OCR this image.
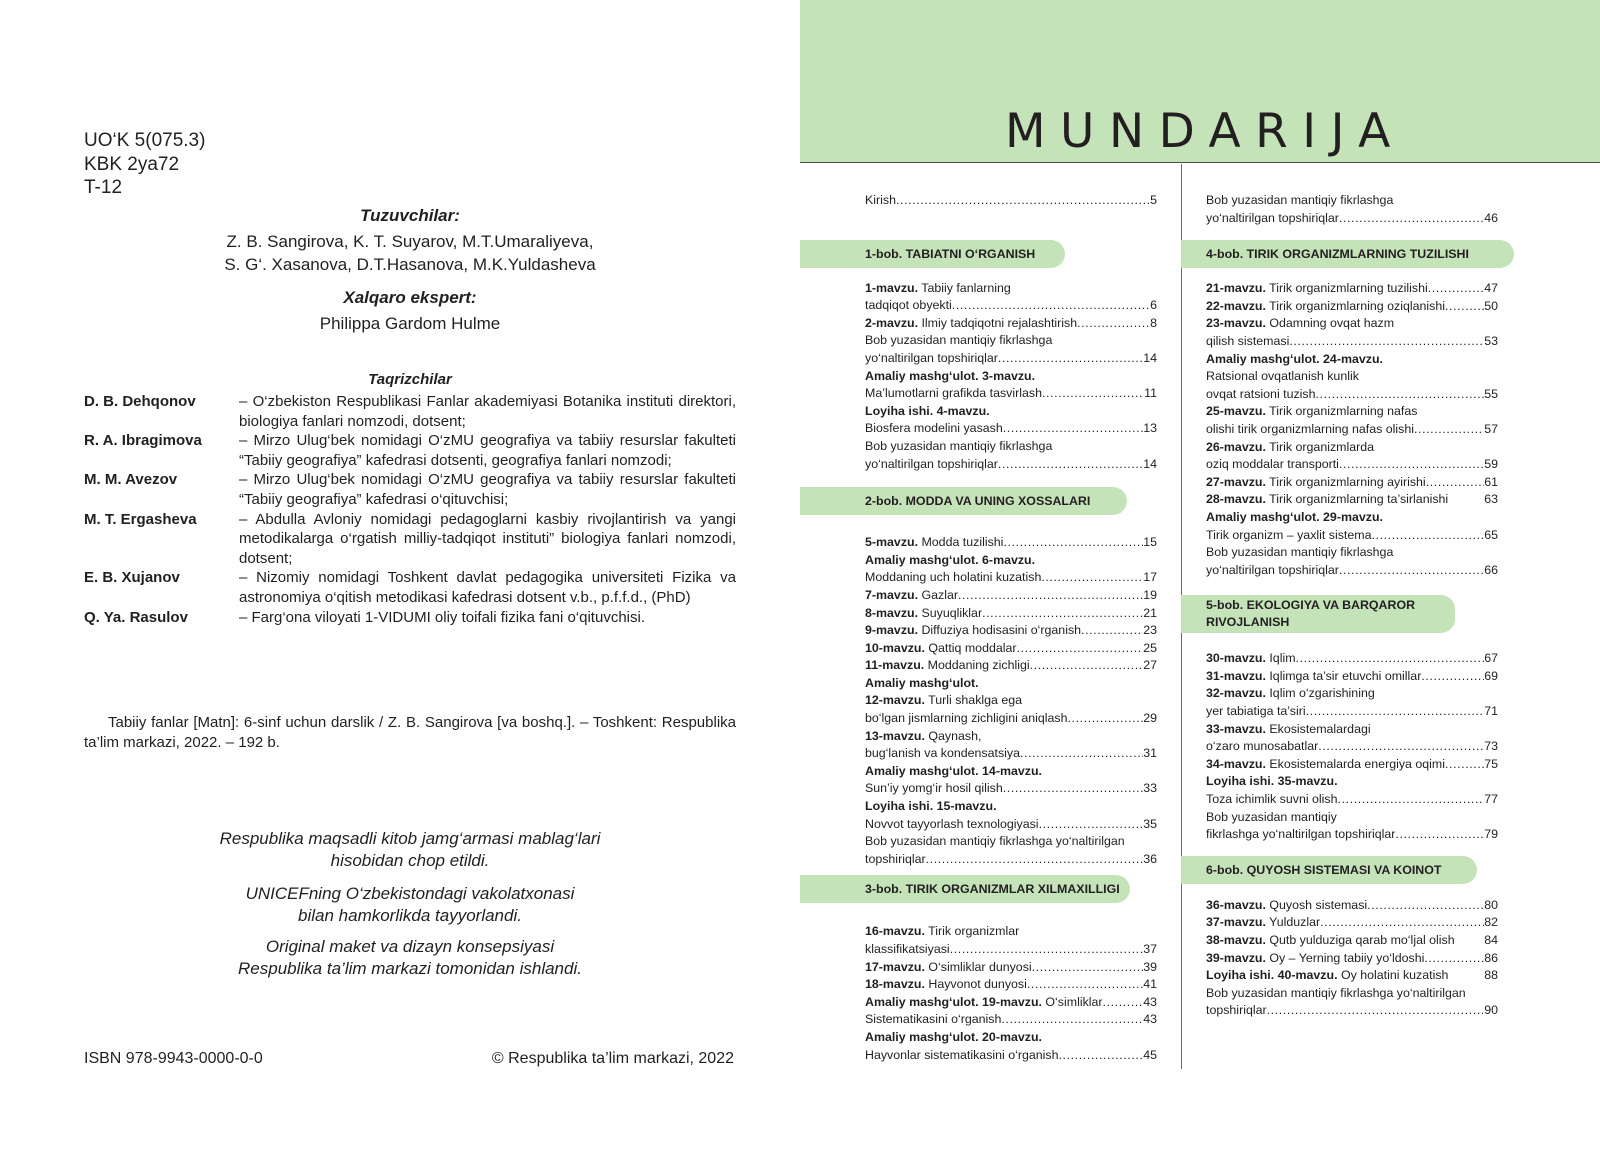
UO‘K 5(075.3)
KBK 2ya72
T-12
Tuzuvchilar:
Z. B. Sangirova, K. T. Suyarov, M.T.Umaraliyeva,
S. G‘. Xasanova, D.T.Hasanova, M.K.Yuldasheva
Xalqaro ekspert:
Philippa Gardom Hulme
Taqrizchilar
D. B. Dehqonov	– O‘zbekiston Respublikasi Fanlar akademiyasi Botanika instituti direktori, biologiya fanlari nomzodi, dotsent;
R. A. Ibragimova	– Mirzo Ulug‘bek nomidagi O‘zMU geografiya va tabiiy resurslar fakulteti “Tabiiy geografiya” kafedrasi dotsenti, geografiya fanlari nomzodi;
M. M. Avezov	– Mirzo Ulug‘bek nomidagi O‘zMU geografiya va tabiiy resurslar fakulteti “Tabiiy geografiya” kafedrasi o‘qituvchisi;
M. T. Ergasheva	– Abdulla Avloniy nomidagi pedagoglarni kasbiy rivojlantirish va yangi metodikalarga o‘rgatish milliy-tadqiqot instituti” biologiya fanlari nomzodi, dotsent;
E. B. Xujanov	– Nizomiy nomidagi Toshkent davlat pedagogika universiteti Fizika va astronomiya o‘qitish metodikasi kafedrasi dotsent v.b., p.f.f.d., (PhD)
Q. Ya. Rasulov	– Farg‘ona viloyati 1-VIDUMI oliy toifali fizika fani o‘qituvchisi.
Tabiiy fanlar [Matn]: 6-sinf uchun darslik / Z. B. Sangirova [va boshq.]. – Toshkent: Respublika ta’lim markazi, 2022. – 192 b.
Respublika maqsadli kitob jamg‘armasi mablag‘lari
hisobidan chop etildi.
UNICEFning O‘zbekistondagi vakolatxonasi
bilan hamkorlikda tayyorlandi.
Original maket va dizayn konsepsiyasi
Respublika ta’lim markazi tomonidan ishlandi.
ISBN 978-9943-0000-0-0	© Respublika ta’lim markazi, 2022
MUNDARIJA
1-bob. TABIATNI O‘RGANISH
2-bob. MODDA VA UNING XOSSALARI
3-bob. TIRIK ORGANIZMLAR XILMAXILLIGI
4-bob. TIRIK ORGANIZMLARNING TUZILISHI
5-bob. EKOLOGIYA VA BARQAROR
RIVOJLANISH
6-bob. QUYOSH SISTEMASI VA KOINOT
Kirish .....	5
1-mavzu. Tabiiy fanlarning
tadqiqot obyekti .....	6
2-mavzu. Ilmiy tadqiqotni rejalashtirish .....	8
Bob yuzasidan mantiqiy fikrlashga
yo‘naltirilgan topshiriqlar .....	14
Amaliy mashg‘ulot. 3-mavzu.
Ma’lumotlarni grafikda tasvirlash .....	11
Loyiha ishi. 4-mavzu.
Biosfera modelini yasash .....	13
Bob yuzasidan mantiqiy fikrlashga
yo‘naltirilgan topshiriqlar .....	14
5-mavzu. Modda tuzilishi .....	15
Amaliy mashg‘ulot. 6-mavzu.
Moddaning uch holatini kuzatish .....	17
7-mavzu. Gazlar .....	19
8-mavzu. Suyuqliklar .....	21
9-mavzu. Diffuziya hodisasini o‘rganish .....	23
10-mavzu. Qattiq moddalar .....	25
11-mavzu. Moddaning zichligi .....	27
Amaliy mashg‘ulot.
12-mavzu. Turli shaklga ega
bo‘lgan jismlarning zichligini aniqlash .....	29
13-mavzu. Qaynash,
bug‘lanish va kondensatsiya .....	31
Amaliy mashg‘ulot. 14-mavzu.
Sun’iy yomg‘ir hosil qilish .....	33
Loyiha ishi. 15-mavzu.
Novvot tayyorlash texnologiyasi .....	35
Bob yuzasidan mantiqiy fikrlashga yo‘naltirilgan
topshiriqlar .....	36
16-mavzu. Tirik organizmlar
klassifikatsiyasi .....	37
17-mavzu. O‘simliklar dunyosi .....	39
18-mavzu. Hayvonot dunyosi .....	41
Amaliy mashg‘ulot. 19-mavzu. O‘simliklar .....	43
Sistematikasini o‘rganish .....	43
Amaliy mashg‘ulot. 20-mavzu.
Hayvonlar sistematikasini o‘rganish .....	45
Bob yuzasidan mantiqiy fikrlashga
yo‘naltirilgan topshiriqlar .....	46
21-mavzu. Tirik organizmlarning tuzilishi .....	47
22-mavzu. Tirik organizmlarning oziqlanishi .....	50
23-mavzu. Odamning ovqat hazm
qilish sistemasi .....	53
Amaliy mashg‘ulot. 24-mavzu.
Ratsional ovqatlanish kunlik
ovqat ratsioni tuzish .....	55
25-mavzu. Tirik organizmlarning nafas
olishi tirik organizmlarning nafas olishi .....	57
26-mavzu. Tirik organizmlarda
oziq moddalar transporti .....	59
27-mavzu. Tirik organizmlarning ayirishi .....	61
28-mavzu. Tirik organizmlarning ta’sirlanishi	63
Amaliy mashg‘ulot. 29-mavzu.
Tirik organizm – yaxlit sistema .....	65
Bob yuzasidan mantiqiy fikrlashga
yo‘naltirilgan topshiriqlar .....	66
30-mavzu. Iqlim .....	67
31-mavzu. Iqlimga ta’sir etuvchi omillar .....	69
32-mavzu. Iqlim o‘zgarishining
yer tabiatiga ta’siri .....	71
33-mavzu. Ekosistemalardagi
o‘zaro munosabatlar .....	73
34-mavzu. Ekosistemalarda energiya oqimi .....	75
Loyiha ishi. 35-mavzu.
Toza ichimlik suvni olish .....	77
Bob yuzasidan mantiqiy
fikrlashga yo‘naltirilgan topshiriqlar .....	79
36-mavzu. Quyosh sistemasi .....	80
37-mavzu. Yulduzlar .....	82
38-mavzu. Qutb yulduziga qarab mo‘ljal olish 84
39-mavzu. Oy – Yerning tabiiy yo‘ldoshi .....	86
Loyiha ishi. 40-mavzu. Oy holatini kuzatish	88
Bob yuzasidan mantiqiy fikrlashga yo‘naltirilgan
topshiriqlar .....	90
